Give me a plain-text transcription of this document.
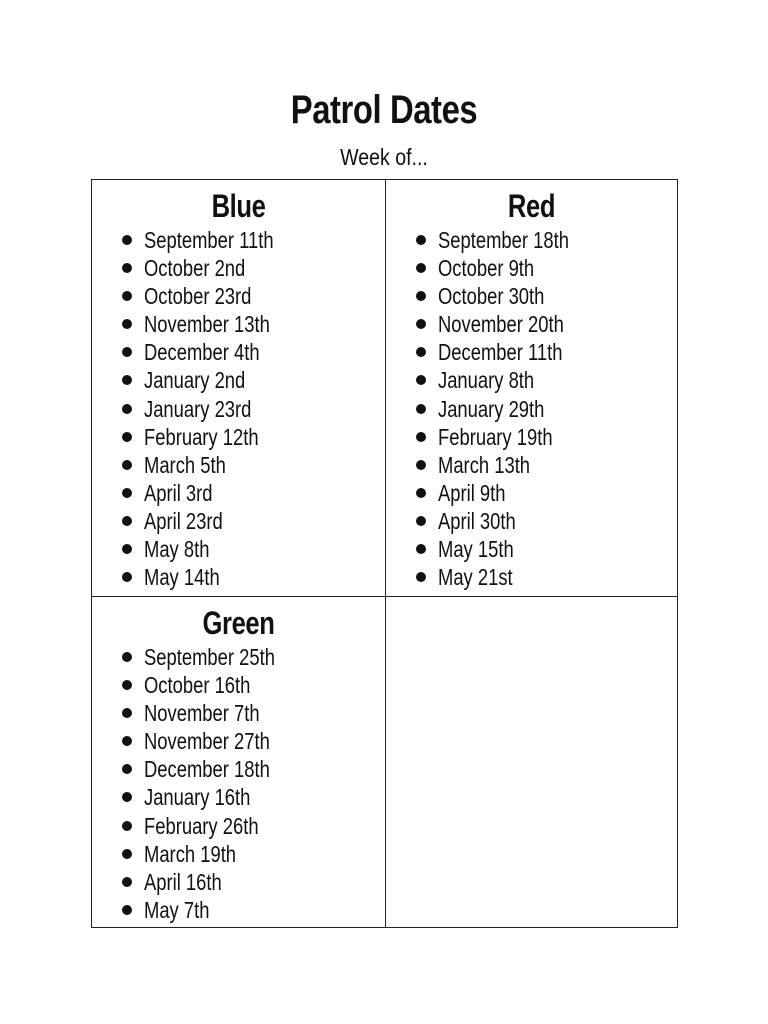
Patrol Dates
Week of...
Blue
September 11th
October 2nd
October 23rd
November 13th
December 4th
January 2nd
January 23rd
February 12th
March 5th
April 3rd
April 23rd
May 8th
May 14th
Red
September 18th
October 9th
October 30th
November 20th
December 11th
January 8th
January 29th
February 19th
March 13th
April 9th
April 30th
May 15th
May 21st
Green
September 25th
October 16th
November 7th
November 27th
December 18th
January 16th
February 26th
March 19th
April 16th
May 7th
